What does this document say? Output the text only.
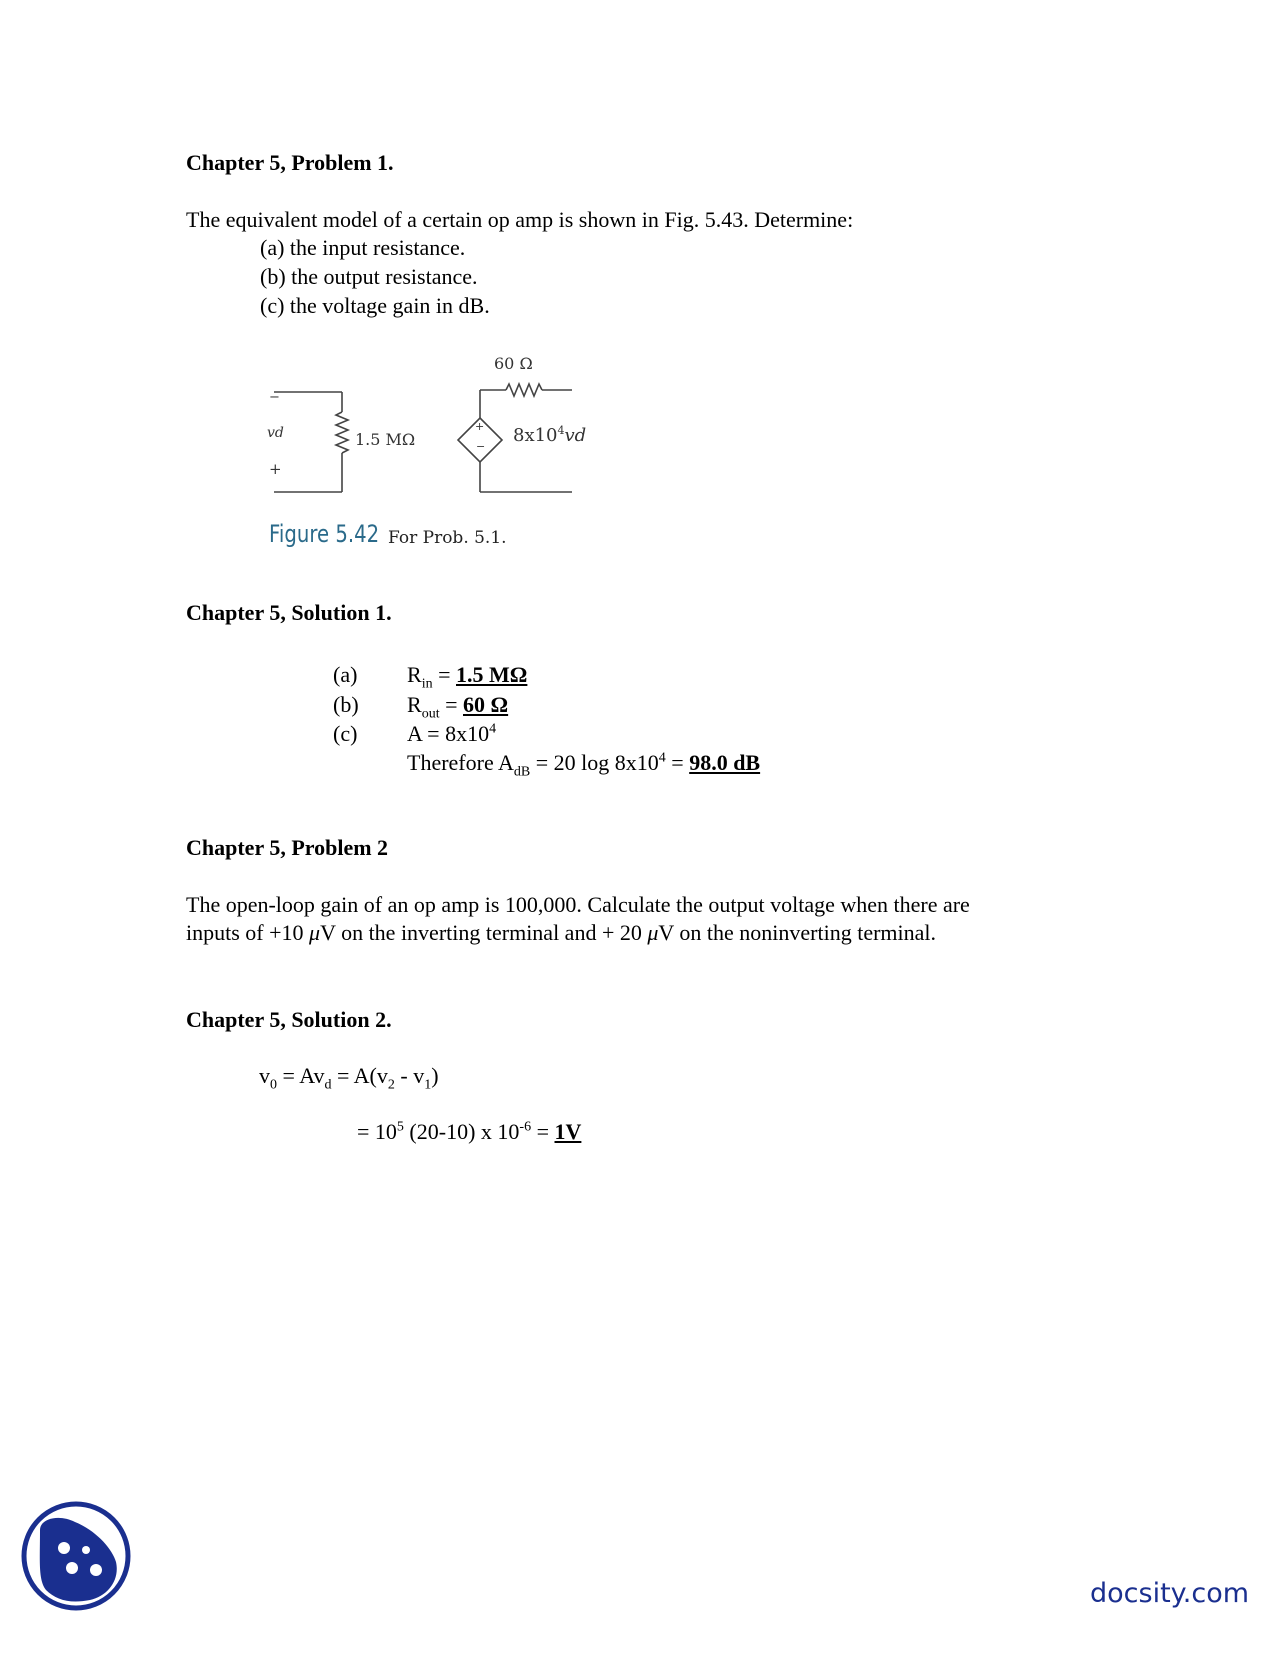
Chapter 5, Problem 1.
The equivalent model of a certain op amp is shown in Fig. 5.43. Determine:
(a) the input resistance.
(b) the output resistance.
(c) the voltage gain in dB.
−
vd
+
1.5 MΩ
60 Ω
+
−
$8x10^4vd$
Figure 5.42 For Prob. 5.1.
Chapter 5, Solution 1.
(a) $R_{in} = 1.5$ MΩ
(b) $R_{out} = 60$ Ω
(c) $A = 8x10^4$
Therefore $A_{dB} = 20$ $\log 8x10^4 = 98.0$ dB
Chapter 5, Problem 2
The open-loop gain of an op amp is 100,000. Calculate the output voltage when there are
inputs of +10 μV on the inverting terminal and + 20 μV on the noninverting terminal.
Chapter 5, Solution 2.
$v_0 = Av_d = A(v_2 - v_1)$
= $10^5$ (20-10) x $10^{-6} = 1V$
docsity.com
